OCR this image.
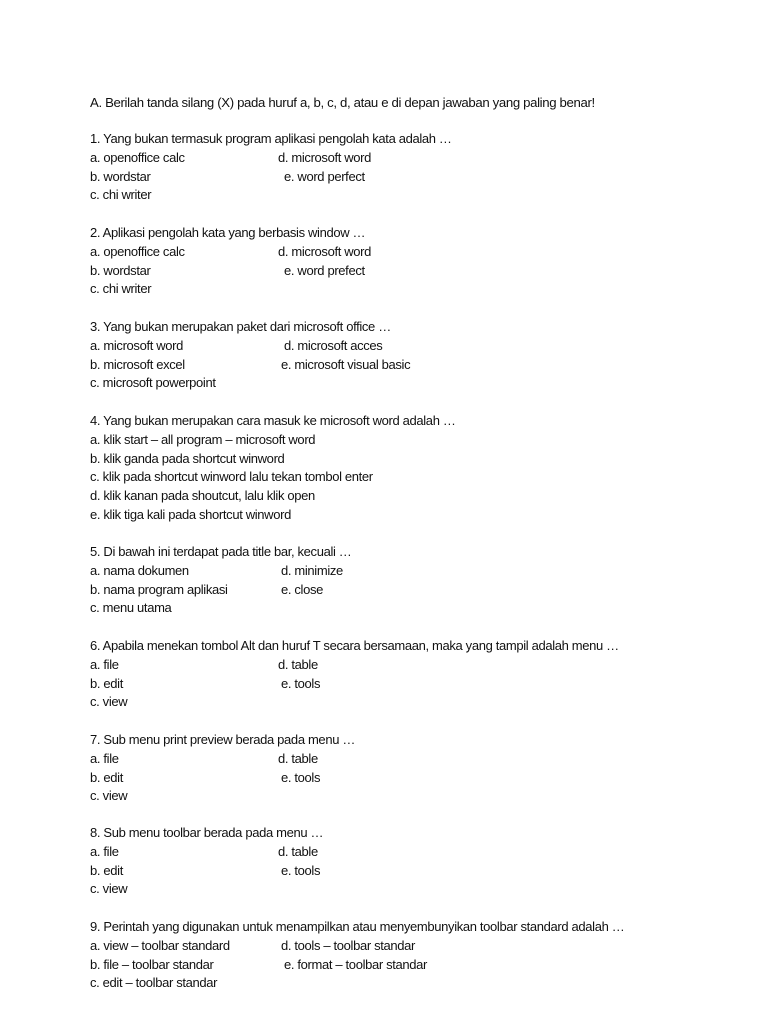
A. Berilah tanda silang (X) pada huruf a, b, c, d, atau e di depan jawaban yang paling benar!
1. Yang bukan termasuk program aplikasi pengolah kata adalah …
a. openoffice calc	d. microsoft word
b. wordstar	e. word perfect
c. chi writer
2. Aplikasi pengolah kata yang berbasis window …
a. openoffice calc	d. microsoft word
b. wordstar	e. word prefect
c. chi writer
3. Yang bukan merupakan paket dari microsoft office …
a. microsoft word	d. microsoft acces
b. microsoft excel	e. microsoft visual basic
c. microsoft powerpoint
4. Yang bukan merupakan cara masuk ke microsoft word adalah …
a. klik start – all program – microsoft word
b. klik ganda pada shortcut winword
c. klik pada shortcut winword lalu tekan tombol enter
d. klik kanan pada shoutcut, lalu klik open
e. klik tiga kali pada shortcut winword
5. Di bawah ini terdapat pada title bar, kecuali …
a. nama dokumen	d. minimize
b. nama program aplikasi	e. close
c. menu utama
6. Apabila menekan tombol Alt dan huruf T secara bersamaan, maka yang tampil adalah menu …
a. file	d. table
b. edit	e. tools
c. view
7. Sub menu print preview berada pada menu …
a. file	d. table
b. edit	e. tools
c. view
8. Sub menu toolbar berada pada menu …
a. file	d. table
b. edit	e. tools
c. view
9. Perintah yang digunakan untuk menampilkan atau menyembunyikan toolbar standard adalah …
a. view – toolbar standard	d. tools – toolbar standar
b. file – toolbar standar	e. format – toolbar standar
c. edit – toolbar standar
